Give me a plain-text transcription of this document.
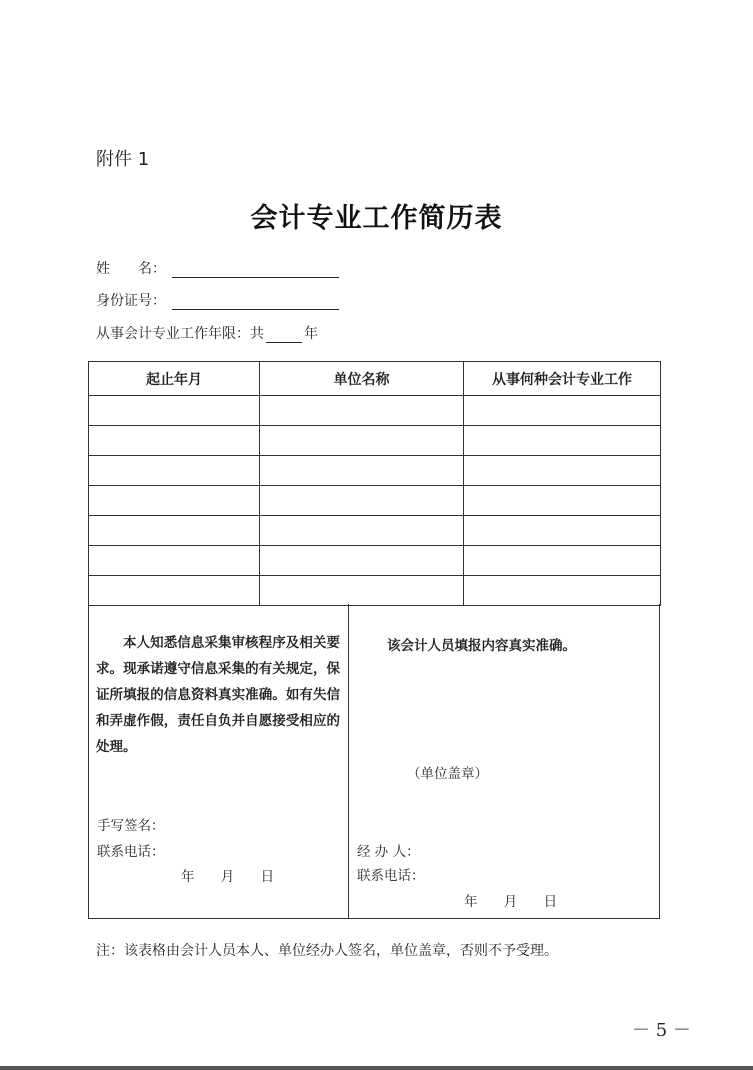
附件 1
会计专业工作简历表
姓　　名：
身份证号：
从事会计专业工作年限：共	年
起止年月	单位名称	从事何种会计专业工作

本人知悉信息采集审核程序及相关要求。现承诺遵守信息采集的有关规定，保证所填报的信息资料真实准确。如有失信和弄虚作假，责任自负并自愿接受相应的处理。
手写签名：
联系电话：
年 月 日
该会计人员填报内容真实准确。
（单位盖章）
经 办 人：
联系电话：
年 月 日
注：该表格由会计人员本人、单位经办人签名，单位盖章，否则不予受理。
－ 5 －
